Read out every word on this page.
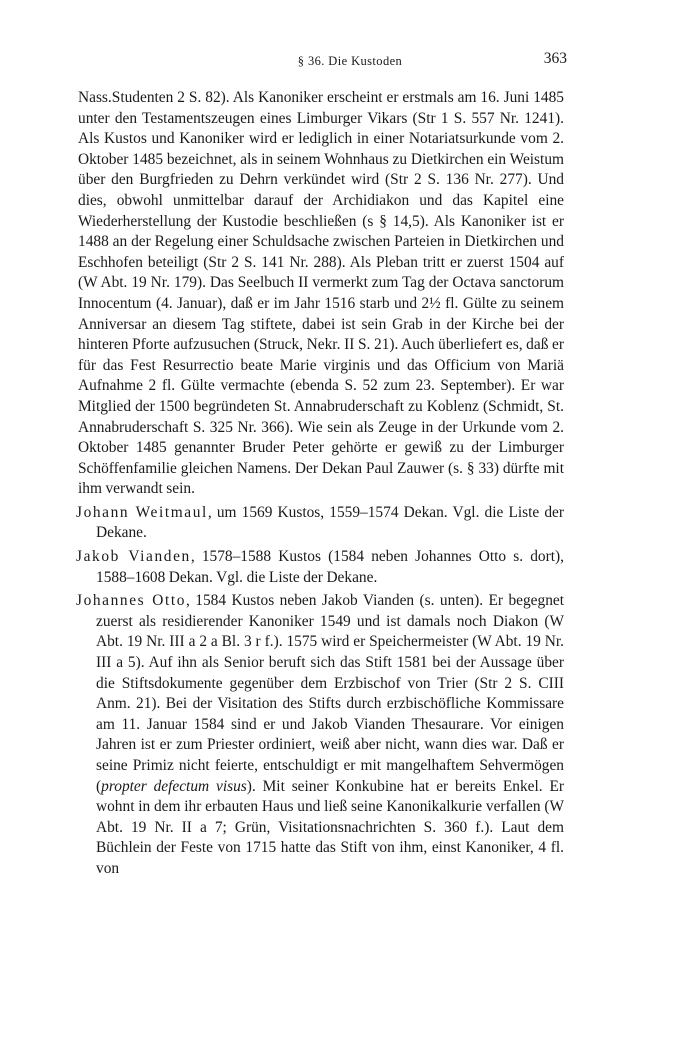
§ 36. Die Kustoden	363

Nass.Studenten 2 S. 82). Als Kanoniker erscheint er erstmals am 16. Juni 1485 unter den Testamentszeugen eines Limburger Vikars (Str 1 S. 557 Nr. 1241). Als Kustos und Kanoniker wird er lediglich in einer Notariatsurkunde vom 2. Oktober 1485 bezeichnet, als in seinem Wohnhaus zu Dietkirchen ein Weistum über den Burgfrieden zu Dehrn verkündet wird (Str 2 S. 136 Nr. 277). Und dies, obwohl unmittelbar darauf der Archidiakon und das Kapitel eine Wiederherstellung der Kustodie beschließen (s § 14,5). Als Kanoniker ist er 1488 an der Regelung einer Schuldsache zwischen Parteien in Dietkirchen und Eschhofen beteiligt (Str 2 S. 141 Nr. 288). Als Pleban tritt er zuerst 1504 auf (W Abt. 19 Nr. 179). Das Seelbuch II vermerkt zum Tag der Octava sanctorum Innocentum (4. Januar), daß er im Jahr 1516 starb und 2½ fl. Gülte zu seinem Anniversar an diesem Tag stiftete, dabei ist sein Grab in der Kirche bei der hinteren Pforte aufzusuchen (Struck, Nekr. II S. 21). Auch überliefert es, daß er für das Fest Resurrectio beate Marie virginis und das Officium von Mariä Aufnahme 2 fl. Gülte vermachte (ebenda S. 52 zum 23. September). Er war Mitglied der 1500 begründeten St. Annabruderschaft zu Koblenz (Schmidt, St. Annabruderschaft S. 325 Nr. 366). Wie sein als Zeuge in der Urkunde vom 2. Oktober 1485 genannter Bruder Peter gehörte er gewiß zu der Limburger Schöffenfamilie gleichen Namens. Der Dekan Paul Zauwer (s. § 33) dürfte mit ihm verwandt sein.

Johann Weitmaul, um 1569 Kustos, 1559–1574 Dekan. Vgl. die Liste der Dekane.

Jakob Vianden, 1578–1588 Kustos (1584 neben Johannes Otto s. dort), 1588–1608 Dekan. Vgl. die Liste der Dekane.

Johannes Otto, 1584 Kustos neben Jakob Vianden (s. unten). Er begegnet zuerst als residierender Kanoniker 1549 und ist damals noch Diakon (W Abt. 19 Nr. III a 2 a Bl. 3 r f.). 1575 wird er Speichermeister (W Abt. 19 Nr. III a 5). Auf ihn als Senior beruft sich das Stift 1581 bei der Aussage über die Stiftsdokumente gegenüber dem Erzbischof von Trier (Str 2 S. CIII Anm. 21). Bei der Visitation des Stifts durch erzbischöfliche Kommissare am 11. Januar 1584 sind er und Jakob Vianden Thesaurare. Vor einigen Jahren ist er zum Priester ordiniert, weiß aber nicht, wann dies war. Daß er seine Primiz nicht feierte, entschuldigt er mit mangelhaftem Sehvermögen (propter defectum visus). Mit seiner Konkubine hat er bereits Enkel. Er wohnt in dem ihr erbauten Haus und ließ seine Kanonikalkurie verfallen (W Abt. 19 Nr. II a 7; Grün, Visitationsnachrichten S. 360 f.). Laut dem Büchlein der Feste von 1715 hatte das Stift von ihm, einst Kanoniker, 4 fl. von
